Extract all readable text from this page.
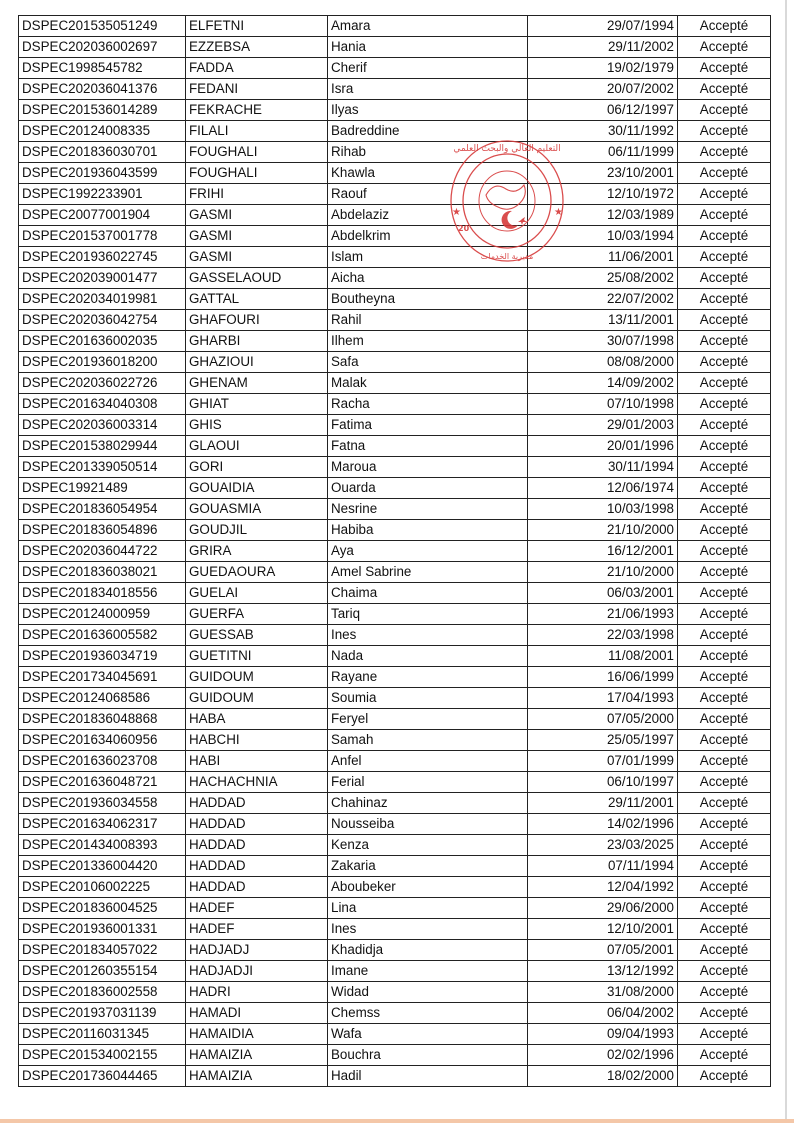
DSPEC201535051249	ELFETNI	Amara	29/07/1994	Accepté
DSPEC202036002697	EZZEBSA	Hania	29/11/2002	Accepté
DSPEC1998545782	FADDA	Cherif	19/02/1979	Accepté
DSPEC202036041376	FEDANI	Isra	20/07/2002	Accepté
DSPEC201536014289	FEKRACHE	Ilyas	06/12/1997	Accepté
DSPEC20124008335	FILALI	Badreddine	30/11/1992	Accepté
DSPEC201836030701	FOUGHALI	Rihab	06/11/1999	Accepté
DSPEC201936043599	FOUGHALI	Khawla	23/10/2001	Accepté
DSPEC1992233901	FRIHI	Raouf	12/10/1972	Accepté
DSPEC20077001904	GASMI	Abdelaziz	12/03/1989	Accepté
DSPEC201537001778	GASMI	Abdelkrim	10/03/1994	Accepté
DSPEC201936022745	GASMI	Islam	11/06/2001	Accepté
DSPEC202039001477	GASSELAOUD	Aicha	25/08/2002	Accepté
DSPEC202034019981	GATTAL	Boutheyna	22/07/2002	Accepté
DSPEC202036042754	GHAFOURI	Rahil	13/11/2001	Accepté
DSPEC201636002035	GHARBI	Ilhem	30/07/1998	Accepté
DSPEC201936018200	GHAZIOUI	Safa	08/08/2000	Accepté
DSPEC202036022726	GHENAM	Malak	14/09/2002	Accepté
DSPEC201634040308	GHIAT	Racha	07/10/1998	Accepté
DSPEC202036003314	GHIS	Fatima	29/01/2003	Accepté
DSPEC201538029944	GLAOUI	Fatna	20/01/1996	Accepté
DSPEC201339050514	GORI	Maroua	30/11/1994	Accepté
DSPEC19921489	GOUAIDIA	Ouarda	12/06/1974	Accepté
DSPEC201836054954	GOUASMIA	Nesrine	10/03/1998	Accepté
DSPEC201836054896	GOUDJIL	Habiba	21/10/2000	Accepté
DSPEC202036044722	GRIRA	Aya	16/12/2001	Accepté
DSPEC201836038021	GUEDAOURA	Amel Sabrine	21/10/2000	Accepté
DSPEC201834018556	GUELAI	Chaima	06/03/2001	Accepté
DSPEC20124000959	GUERFA	Tariq	21/06/1993	Accepté
DSPEC201636005582	GUESSAB	Ines	22/03/1998	Accepté
DSPEC201936034719	GUETITNI	Nada	11/08/2001	Accepté
DSPEC201734045691	GUIDOUM	Rayane	16/06/1999	Accepté
DSPEC20124068586	GUIDOUM	Soumia	17/04/1993	Accepté
DSPEC201836048868	HABA	Feryel	07/05/2000	Accepté
DSPEC201634060956	HABCHI	Samah	25/05/1997	Accepté
DSPEC201636023708	HABI	Anfel	07/01/1999	Accepté
DSPEC201636048721	HACHACHNIA	Ferial	06/10/1997	Accepté
DSPEC201936034558	HADDAD	Chahinaz	29/11/2001	Accepté
DSPEC201634062317	HADDAD	Nousseiba	14/02/1996	Accepté
DSPEC201434008393	HADDAD	Kenza	23/03/2025	Accepté
DSPEC201336004420	HADDAD	Zakaria	07/11/1994	Accepté
DSPEC20106002225	HADDAD	Aboubeker	12/04/1992	Accepté
DSPEC201836004525	HADEF	Lina	29/06/2000	Accepté
DSPEC201936001331	HADEF	Ines	12/10/2001	Accepté
DSPEC201834057022	HADJADJ	Khadidja	07/05/2001	Accepté
DSPEC201260355154	HADJADJI	Imane	13/12/1992	Accepté
DSPEC201836002558	HADRI	Widad	31/08/2000	Accepté
DSPEC201937031139	HAMADI	Chemss	06/04/2002	Accepté
DSPEC20116031345	HAMAIDIA	Wafa	09/04/1993	Accepté
DSPEC201534002155	HAMAIZIA	Bouchra	02/02/1996	Accepté
DSPEC201736044465	HAMAIZIA	Hadil	18/02/2000	Accepté
التعليم العالي والبحث العلمي
مديرية الخدمات
20
★	★
